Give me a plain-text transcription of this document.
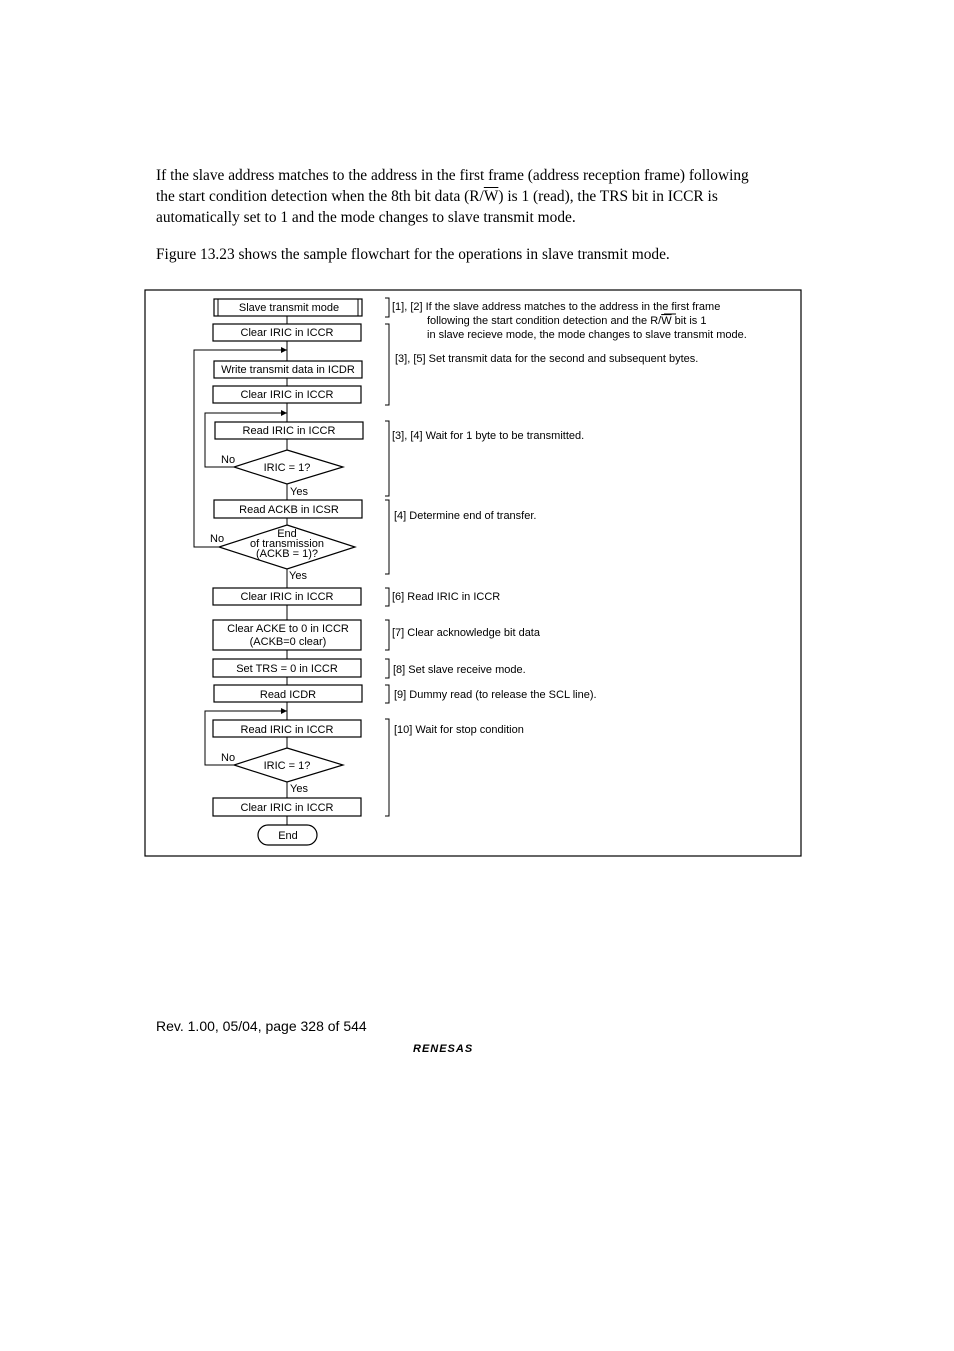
If the slave address matches to the address in the first frame (address reception frame) following
the start condition detection when the 8th bit data $(R/\overline{W})$ is 1 (read), the TRS bit in ICCR is
automatically set to 1 and the mode changes to slave transmit mode.

Figure 13.23 shows the sample flowchart for the operations in slave transmit mode.

Slave transmit mode
Clear IRIC in ICCR
Write transmit data in ICDR
Clear IRIC in ICCR
Read IRIC in ICCR
IRIC = 1?
No
Yes
Read ACKB in ICSR
End
of transmission
(ACKB = 1)?
No
Yes
Clear IRIC in ICCR
Clear ACKE to 0 in ICCR
(ACKB=0 clear)
Set TRS = 0 in ICCR
Read ICDR
Read IRIC in ICCR
IRIC = 1?
No
Yes
Clear IRIC in ICCR
End
[1], [2] If the slave address matches to the address in the first frame
following the start condition detection and the R/W bit is 1
in slave recieve mode, the mode changes to slave transmit mode.
[3], [5] Set transmit data for the second and subsequent bytes.
[3], [4] Wait for 1 byte to be transmitted.
[4] Determine end of transfer.
[6] Read IRIC in ICCR
[7] Clear acknowledge bit data
[8] Set slave receive mode.
[9] Dummy read (to release the SCL line).
[10] Wait for stop condition
Rev. 1.00, 05/04, page 328 of 544
RENESAS
